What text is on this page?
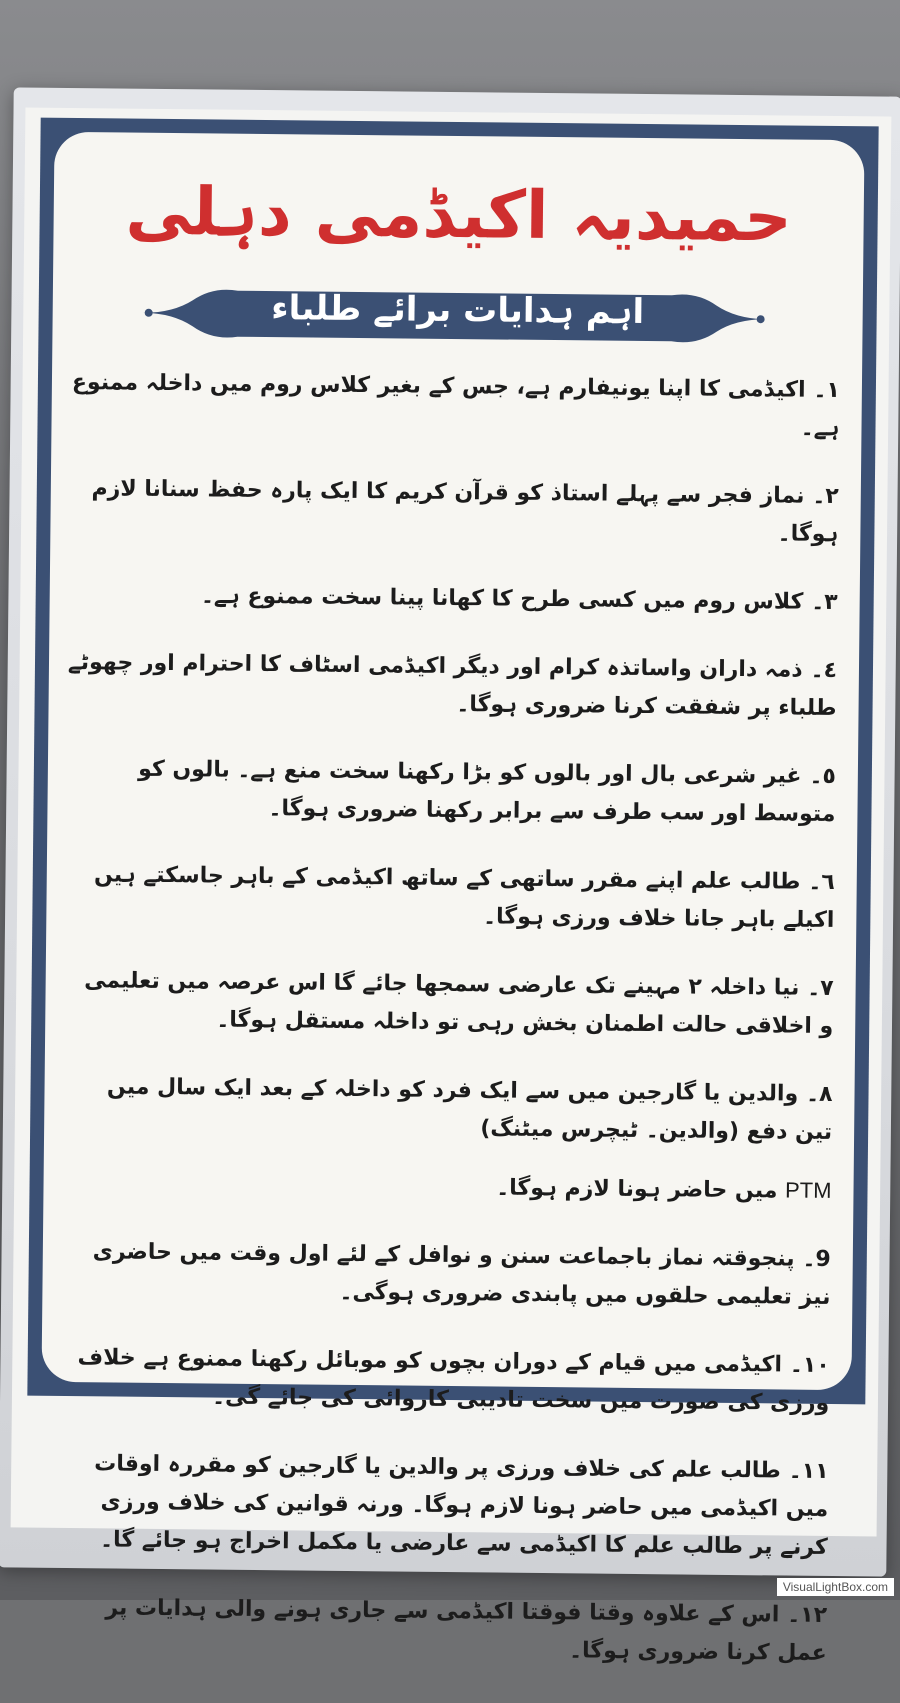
حمیدیہ اکیڈمی دہلی
اہم ہدایات برائے طلباء
١۔اکیڈمی کا اپنا یونیفارم ہے، جس کے بغیر کلاس روم میں داخلہ ممنوع ہے۔
٢۔نماز فجر سے پہلے استاذ کو قرآن کریم کا ایک پارہ حفظ سنانا لازم ہوگا۔
٣۔کلاس روم میں کسی طرح کا کھانا پینا سخت ممنوع ہے۔
٤۔ذمہ داران واساتذہ کرام اور دیگر اکیڈمی اسٹاف کا احترام اور چھوٹے طلباء پر شفقت کرنا ضروری ہوگا۔
٥۔غیر شرعی بال اور بالوں کو بڑا رکھنا سخت منع ہے۔ بالوں کو متوسط اور سب طرف سے برابر رکھنا ضروری ہوگا۔
٦۔طالب علم اپنے مقرر ساتھی کے ساتھ اکیڈمی کے باہر جاسکتے ہیں اکیلے باہر جانا خلاف ورزی ہوگا۔
٧۔نیا داخلہ ٢ مہینے تک عارضی سمجھا جائے گا اس عرصہ میں تعلیمی و اخلاقی حالت اطمنان بخش رہی تو داخلہ مستقل ہوگا۔
٨۔والدین یا گارجین میں سے ایک فرد کو داخلہ کے بعد ایک سال میں تین دفع (والدین۔ ٹیچرس میٹنگ)
PTM میں حاضر ہونا لازم ہوگا۔
9۔پنجوقتہ نماز باجماعت سنن و نوافل کے لئے اول وقت میں حاضری نیز تعلیمی حلقوں میں پابندی ضروری ہوگی۔
١٠۔اکیڈمی میں قیام کے دوران بچوں کو موبائل رکھنا ممنوع ہے خلاف ورزی کی صورت میں سخت تادیبی کاروائی کی جائے گی۔
١١۔طالب علم کی خلاف ورزی پر والدین یا گارجین کو مقررہ اوقات میں اکیڈمی میں حاضر ہونا لازم ہوگا۔ ورنہ قوانین کی خلاف ورزی کرنے پر طالب علم کا اکیڈمی سے عارضی یا مکمل اخراج ہو جائے گا۔
١٢۔اس کے علاوہ وقتا فوقتا اکیڈمی سے جاری ہونے والی ہدایات پر عمل کرنا ضروری ہوگا۔
VisualLightBox.com
